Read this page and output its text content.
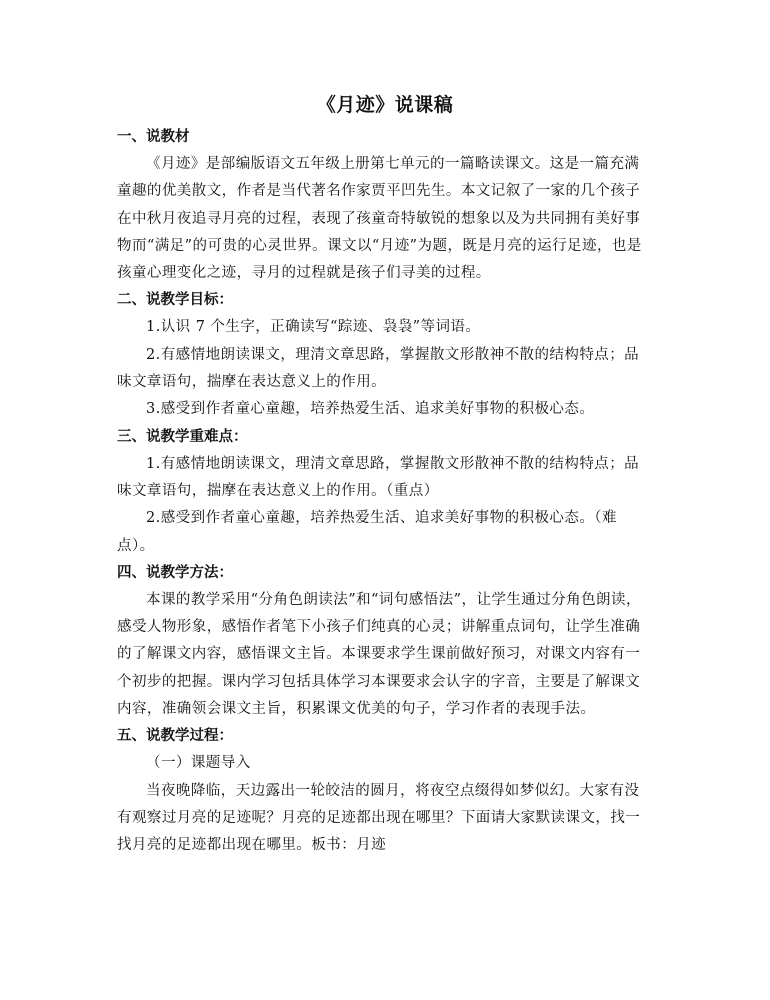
《月迹》说课稿
一、说教材

《月迹》是部编版语文五年级上册第七单元的一篇略读课文。这是一篇充满童趣的优美散文，作者是当代著名作家贾平凹先生。本文记叙了一家的几个孩子在中秋月夜追寻月亮的过程，表现了孩童奇特敏锐的想象以及为共同拥有美好事物而“满足”的可贵的心灵世界。课文以“月迹”为题，既是月亮的运行足迹，也是孩童心理变化之迹，寻月的过程就是孩子们寻美的过程。

二、说教学目标：

1.认识 7 个生字，正确读写“踪迹、袅袅”等词语。

2.有感情地朗读课文，理清文章思路，掌握散文形散神不散的结构特点；品味文章语句，揣摩在表达意义上的作用。

3.感受到作者童心童趣，培养热爱生活、追求美好事物的积极心态。

三、说教学重难点：

1.有感情地朗读课文，理清文章思路，掌握散文形散神不散的结构特点；品味文章语句，揣摩在表达意义上的作用。（重点）

2.感受到作者童心童趣，培养热爱生活、追求美好事物的积极心态。（难点）。

四、说教学方法：

本课的教学采用“分角色朗读法”和“词句感悟法”，让学生通过分角色朗读，感受人物形象，感悟作者笔下小孩子们纯真的心灵；讲解重点词句，让学生准确的了解课文内容，感悟课文主旨。本课要求学生课前做好预习，对课文内容有一个初步的把握。课内学习包括具体学习本课要求会认字的字音，主要是了解课文内容，准确领会课文主旨，积累课文优美的句子，学习作者的表现手法。

五、说教学过程：

（一）课题导入

当夜晚降临，天边露出一轮皎洁的圆月，将夜空点缀得如梦似幻。大家有没有观察过月亮的足迹呢？月亮的足迹都出现在哪里？下面请大家默读课文，找一找月亮的足迹都出现在哪里。板书：月迹
